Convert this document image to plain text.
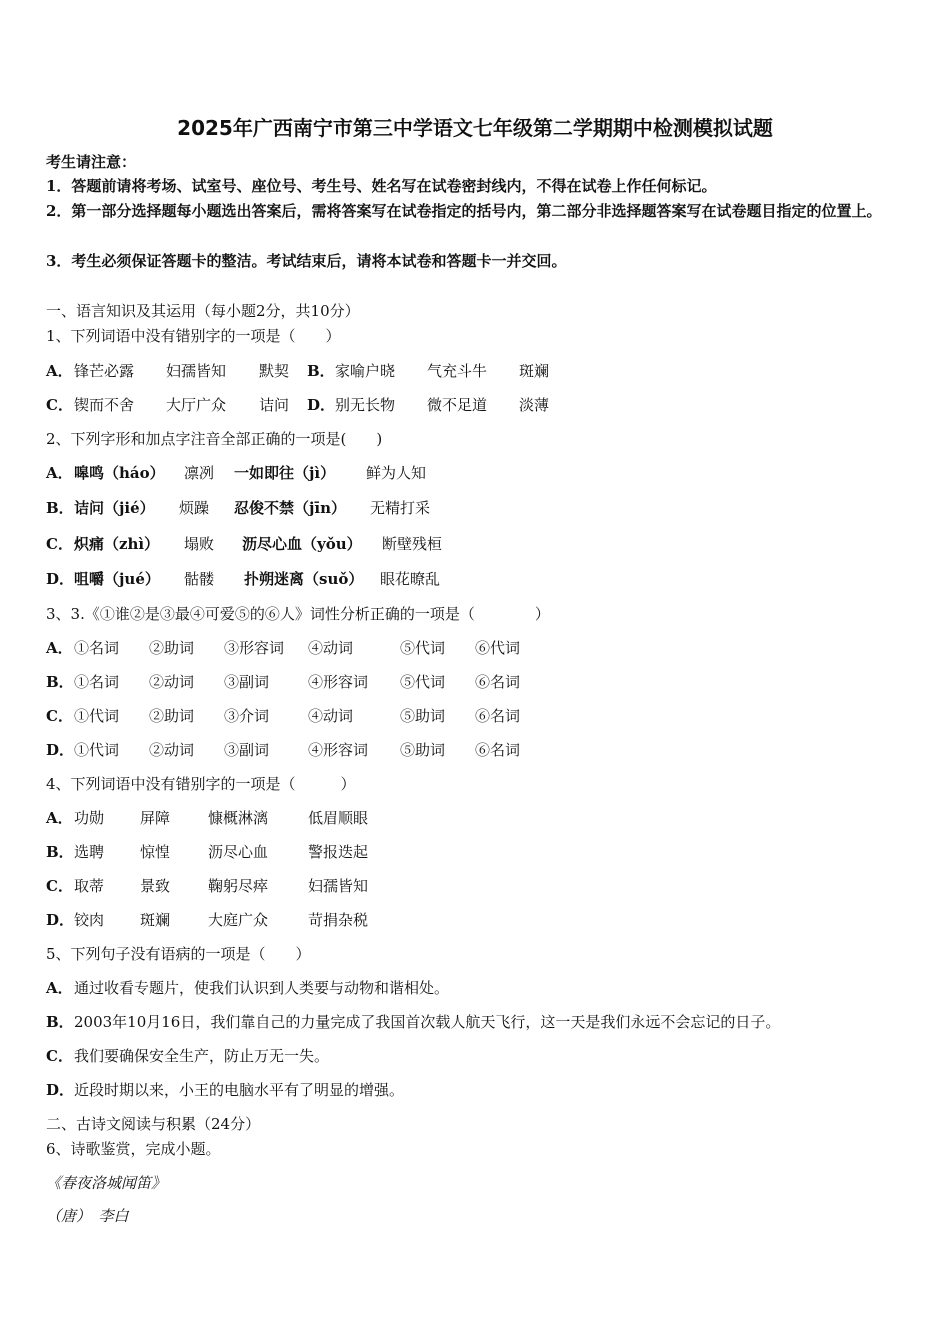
2025年广西南宁市第三中学语文七年级第二学期期中检测模拟试题
考生请注意：
1．答题前请将考场、试室号、座位号、考生号、姓名写在试卷密封线内，不得在试卷上作任何标记。
2．第一部分选择题每小题选出答案后，需将答案写在试卷指定的括号内，第二部分非选择题答案写在试卷题目指定的位置上。
3．考生必须保证答题卡的整洁。考试结束后，请将本试卷和答题卡一并交回。
一、语言知识及其运用（每小题2分，共10分）
1、下列词语中没有错别字的一项是（　　）
A．锋芒必露 妇孺皆知 默契 B．家喻户晓 气充斗牛 斑斓
C．锲而不舍 大厅广众 诘问 D．别无长物 微不足道 淡薄
2、下列字形和加点字注音全部正确的一项是(　　)
A．嗥鸣（háo） 凛冽 一如即往（jì） 鲜为人知
B．诘问（jié） 烦躁 忍俊不禁（jīn） 无精打采
C．炽痛（zhì） 塌败 沥尽心血（yǒu） 断壁残桓
D．咀嚼（jué） 骷髅 扑朔迷离（suǒ） 眼花暸乱
3、3.《①谁②是③最④可爱⑤的⑥人》词性分析正确的一项是（　　　　）
A．①名词 ②助词 ③形容词 ④动词	⑤代词 ⑥代词
B．①名词 ②动词 ③副词	④形容词 ⑤代词 ⑥名词
C．①代词 ②助词 ③介词	④动词	⑤助词 ⑥名词
D．①代词 ②动词 ③副词	④形容词 ⑤助词 ⑥名词
4、下列词语中没有错别字的一项是（　　　）
A．功勋 屏障	慷概淋漓	低眉顺眼
B．选聘 惊惶	沥尽心血	警报迭起
C．取蒂 景致	鞠躬尽瘁	妇孺皆知
D．铰肉 斑斓	大庭广众	苛捐杂税
5、下列句子没有语病的一项是（　　）
A．通过收看专题片，使我们认识到人类要与动物和谐相处。
B．2003年10月16日，我们靠自己的力量完成了我国首次载人航天飞行，这一天是我们永远不会忘记的日子。
C．我们要确保安全生产，防止万无一失。
D．近段时期以来，小王的电脑水平有了明显的增强。
二、古诗文阅读与积累（24分）
6、诗歌鉴赏，完成小题。
《春夜洛城闻笛》
（唐）　李白
